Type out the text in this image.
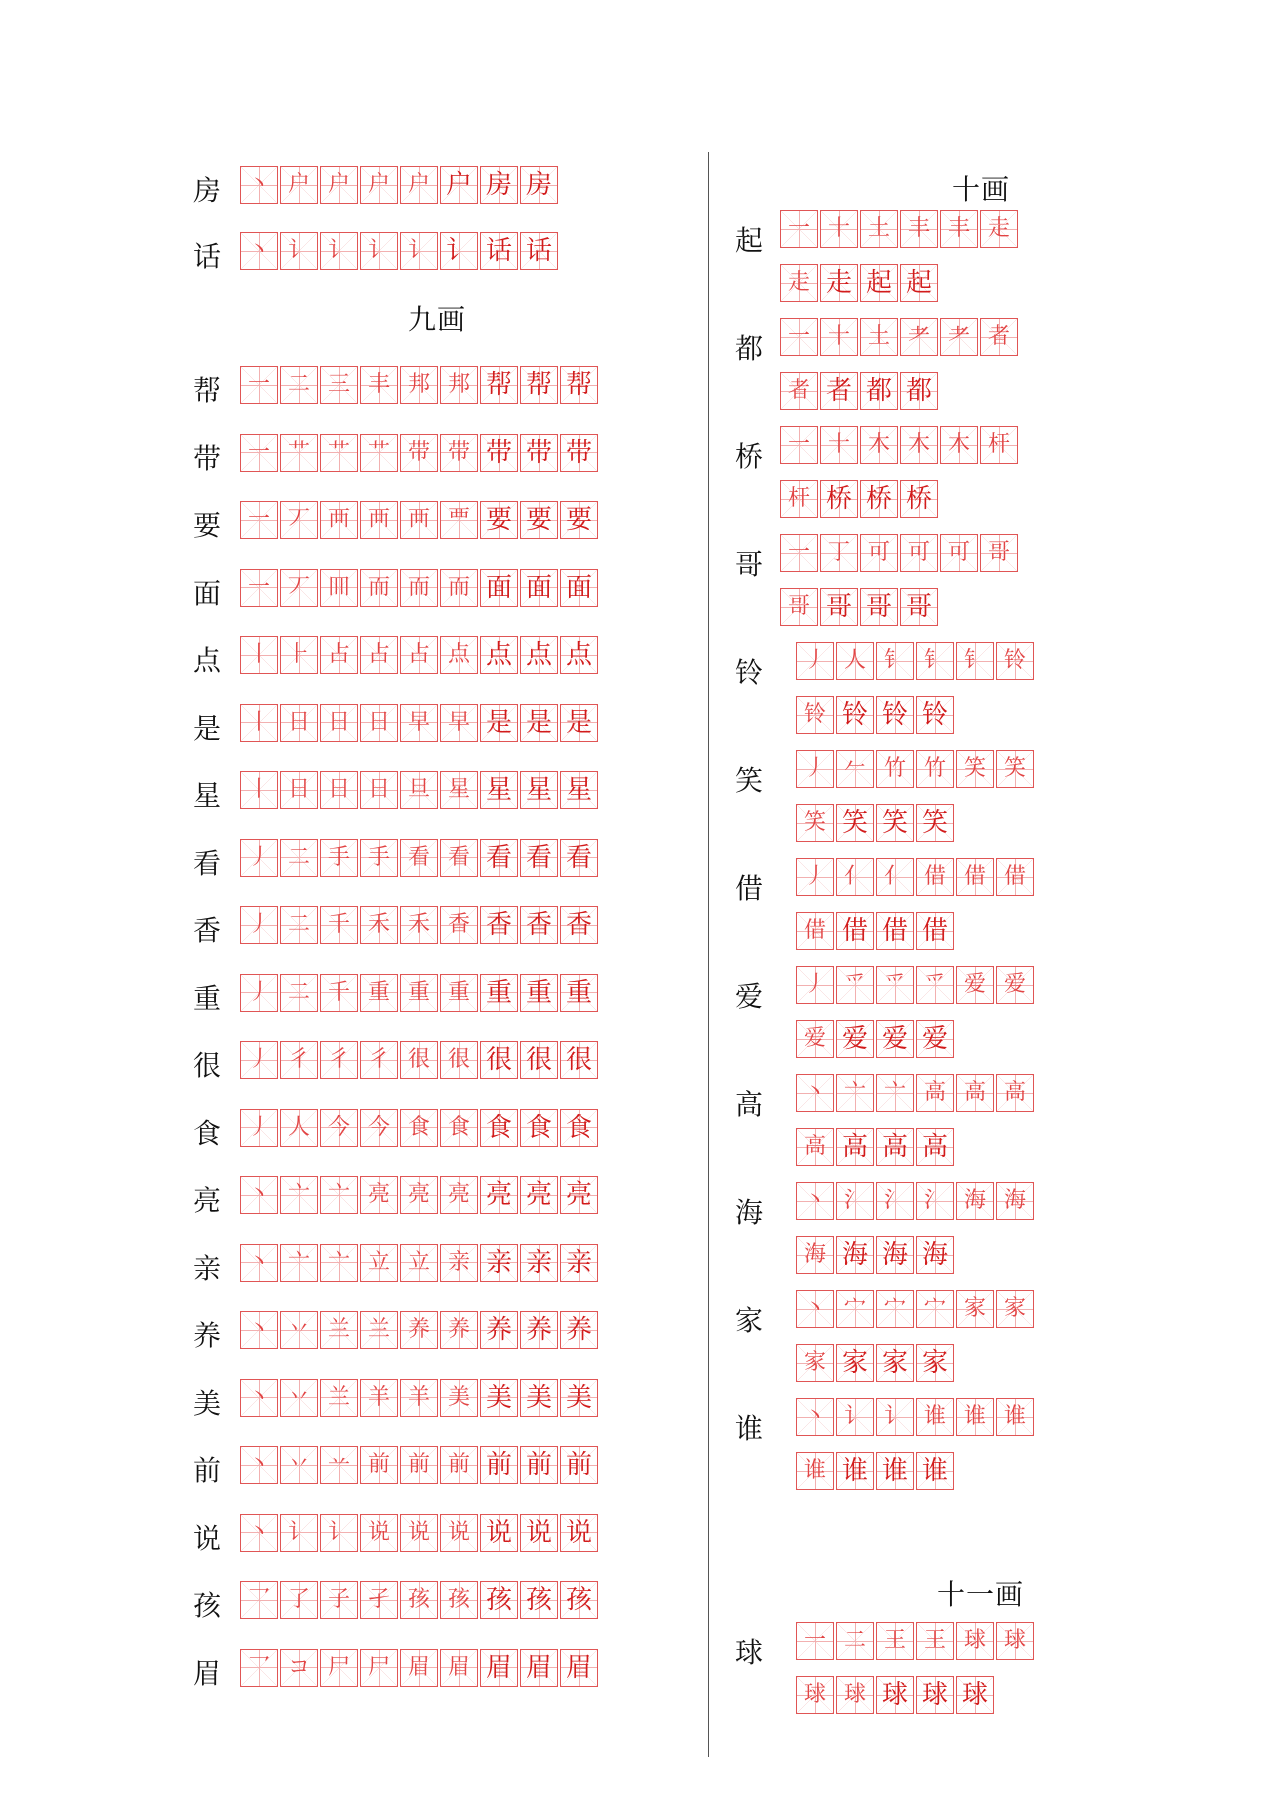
房	丶 户 户 户 户 户 房 房
话	丶 讠 讠 讠 讠 讠 话 话
九画
帮	一 二 三 丰 邦 邦 帮 帮 帮
带	一 艹 艹 艹 带 带 带 带 带
要	一 丆 襾 襾 襾 覀 要 要 要
面	一 丆 𦉫 而 而 而 面 面 面
点	丨 ⺊ 占 占 占 点 点 点 点
是	丨 日 日 日 早 早 是 是 是
星	丨 日 日 日 旦 星 星 星 星
看	丿 二 手 手 看 看 看 看 看
香	丿 二 千 禾 禾 香 香 香 香
重	丿 二 千 重 重 重 重 重 重
很	丿 彳 彳 彳 很 很 很 很 很
食	丿 人 今 今 食 食 食 食 食
亮	丶 亠 亠 亮 亮 亮 亮 亮 亮
亲	丶 亠 亠 立 立 亲 亲 亲 亲
养	丶 丷 兰 兰 养 养 养 养 养
美	丶 丷 兰 羊 羊 美 美 美 美
前	丶 丷 䒑 前 前 前 前 前 前
说	丶 讠 讠 说 说 说 说 说 说
孩	乛 了 子 孑 孩 孩 孩 孩 孩
眉	乛 コ 尸 尸 眉 眉 眉 眉 眉
十画
起	一 十 土 丰 丰 走
走 走 起 起
都	一 十 土 耂 耂 者
者 者 都 都
桥	一 十 木 木 木 杆
杆 桥 桥 桥
哥	一 丁 可 可 可 哥
哥 哥 哥 哥
铃	丿 人 钅 钅 钅 铃
铃 铃 铃 铃
笑	丿 𠂉 竹 竹 笑 笑
笑 笑 笑 笑
借	丿 亻 亻 借 借 借
借 借 借 借
爱	丿 爫 爫 爫 爱 爱
爱 爱 爱 爱
高	丶 亠 亠 高 高 高
高 高 高 高
海	丶 氵 氵 氵 海 海
海 海 海 海
家	丶 宀 宀 宀 家 家
家 家 家 家
谁	丶 讠 讠 谁 谁 谁
谁 谁 谁 谁
十一画
球	一 二 王 王 球 球
球 球 球 球 球
